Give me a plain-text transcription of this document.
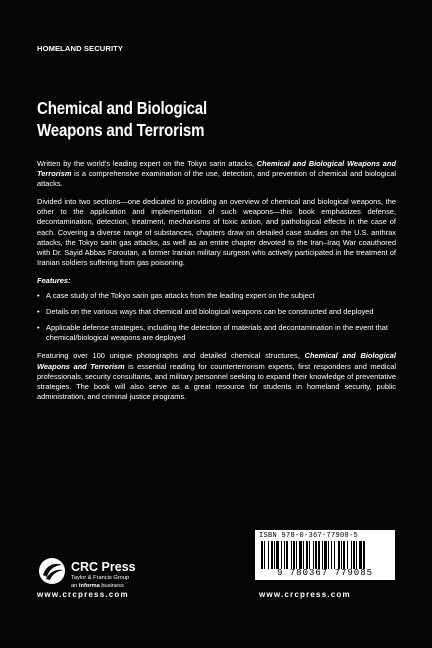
HOMELAND SECURITY
Chemical and Biological
Weapons and Terrorism

Written by the world’s leading expert on the Tokyo sarin attacks, Chemical and Biological Weapons and Terrorism is a comprehensive examination of the use, detection, and prevention of chemical and biological attacks.

Divided into two sections—one dedicated to providing an overview of chemical and biological weapons, the other to the application and implementation of such weapons—this book emphasizes defense, decontamination, detection, treatment, mechanisms of toxic action, and pathological effects in the case of each. Covering a diverse range of substances, chapters draw on detailed case studies on the U.S. anthrax attacks, the Tokyo sarin gas attacks, as well as an entire chapter devoted to the Iran–Iraq War coauthored with Dr. Sayid Abbas Foroutan, a former Iranian military surgeon who actively participated in the treatment of Iranian soldiers suffering from gas poisoning.

Features:
• A case study of the Tokyo sarin gas attacks from the leading expert on the subject
• Details on the various ways that chemical and biological weapons can be constructed and deployed
• Applicable defense strategies, including the detection of materials and decontamination in the event that chemical/biological weapons are deployed

Featuring over 100 unique photographs and detailed chemical structures, Chemical and Biological Weapons and Terrorism is essential reading for counterterrorism experts, first responders and medical professionals, security consultants, and military personnel seeking to expand their knowledge of preventative strategies. The book will also serve as a great resource for students in homeland security, public administration, and criminal justice programs.

CRC Press
Taylor & Francis Group
an informa business
www.crcpress.com
ISBN 978-0-367-77908-5
9 780367 779085
www.crcpress.com
